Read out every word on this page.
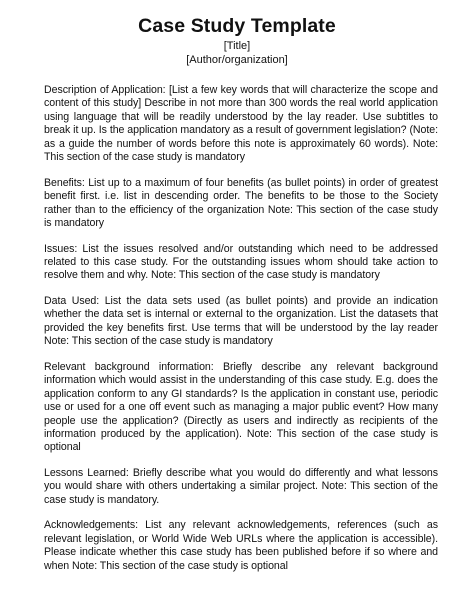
Case Study Template
[Title]
[Author/organization]

Description of Application: [List a few key words that will characterize the scope and content of this study] Describe in not more than 300 words the real world application using language that will be readily understood by the lay reader. Use subtitles to break it up. Is the application mandatory as a result of government legislation? (Note: as a guide the number of words before this note is approximately 60 words). Note: This section of the case study is mandatory

Benefits: List up to a maximum of four benefits (as bullet points) in order of greatest benefit first. i.e. list in descending order. The benefits to be those to the Society rather than to the efficiency of the organization Note: This section of the case study is mandatory

Issues: List the issues resolved and/or outstanding which need to be addressed related to this case study. For the outstanding issues whom should take action to resolve them and why. Note: This section of the case study is mandatory

Data Used: List the data sets used (as bullet points) and provide an indication whether the data set is internal or external to the organization. List the datasets that provided the key benefits first. Use terms that will be understood by the lay reader Note: This section of the case study is mandatory

Relevant background information: Briefly describe any relevant background information which would assist in the understanding of this case study. E.g. does the application conform to any GI standards? Is the application in constant use, periodic use or used for a one off event such as managing a major public event? How many people use the application? (Directly as users and indirectly as recipients of the information produced by the application). Note: This section of the case study is optional

Lessons Learned: Briefly describe what you would do differently and what lessons you would share with others undertaking a similar project. Note: This section of the case study is mandatory.

Acknowledgements: List any relevant acknowledgements, references (such as relevant legislation, or World Wide Web URLs where the application is accessible). Please indicate whether this case study has been published before if so where and when Note: This section of the case study is optional
